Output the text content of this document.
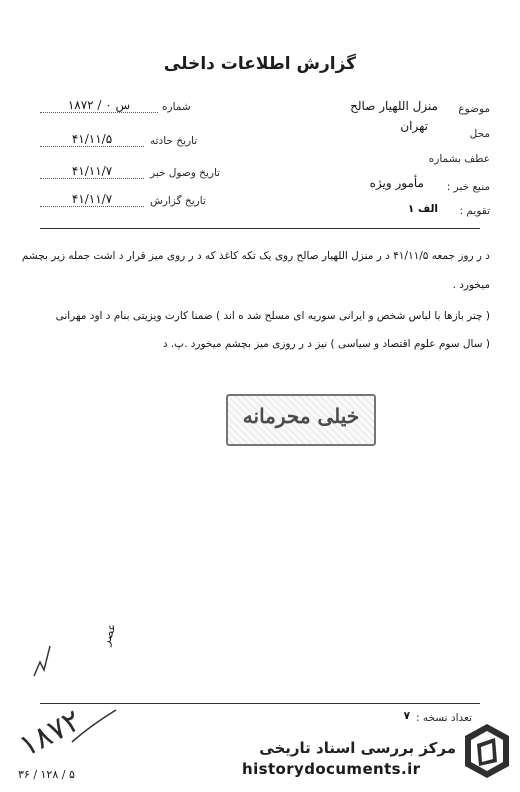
گزارش اطلاعات داخلی
موضوع
منزل اللهیار صالح
محل
تهران
عطف بشماره
منبع خبر :
مأمور ویژه
تقویم :
الف ۱
شماره
۱۸۷۲ / س ۰
تاریخ حادثه
۴۱/۱۱/۵
تاریخ وصول خبر
۴۱/۱۱/۷
تاریخ گزارش
۴۱/۱۱/۷
د ر روز جمعه ۴۱/۱۱/۵ د ر منزل اللهیار صالح روی یک تکه کاغذ که د ر روی میز قرار د اشت جمله زیر بچشم
میخورد .
( چتر بازها با لباس شخص و ایرانی سوریه ای مسلح شد ه اند ) ضمنا کارت ویزیتی بنام د اود مهرانی
( سال سوم علوم اقتصاد و سیاسی ) نیز د ر روزی میز بچشم میخورد .پ. د
خیلی محرمانه
عصر
تعداد نسخه :
۷
۱۸۷۲
۳۶ / ۱۲۸ / ۵
مرکز بررسی اسناد تاریخی
historydocuments.ir
